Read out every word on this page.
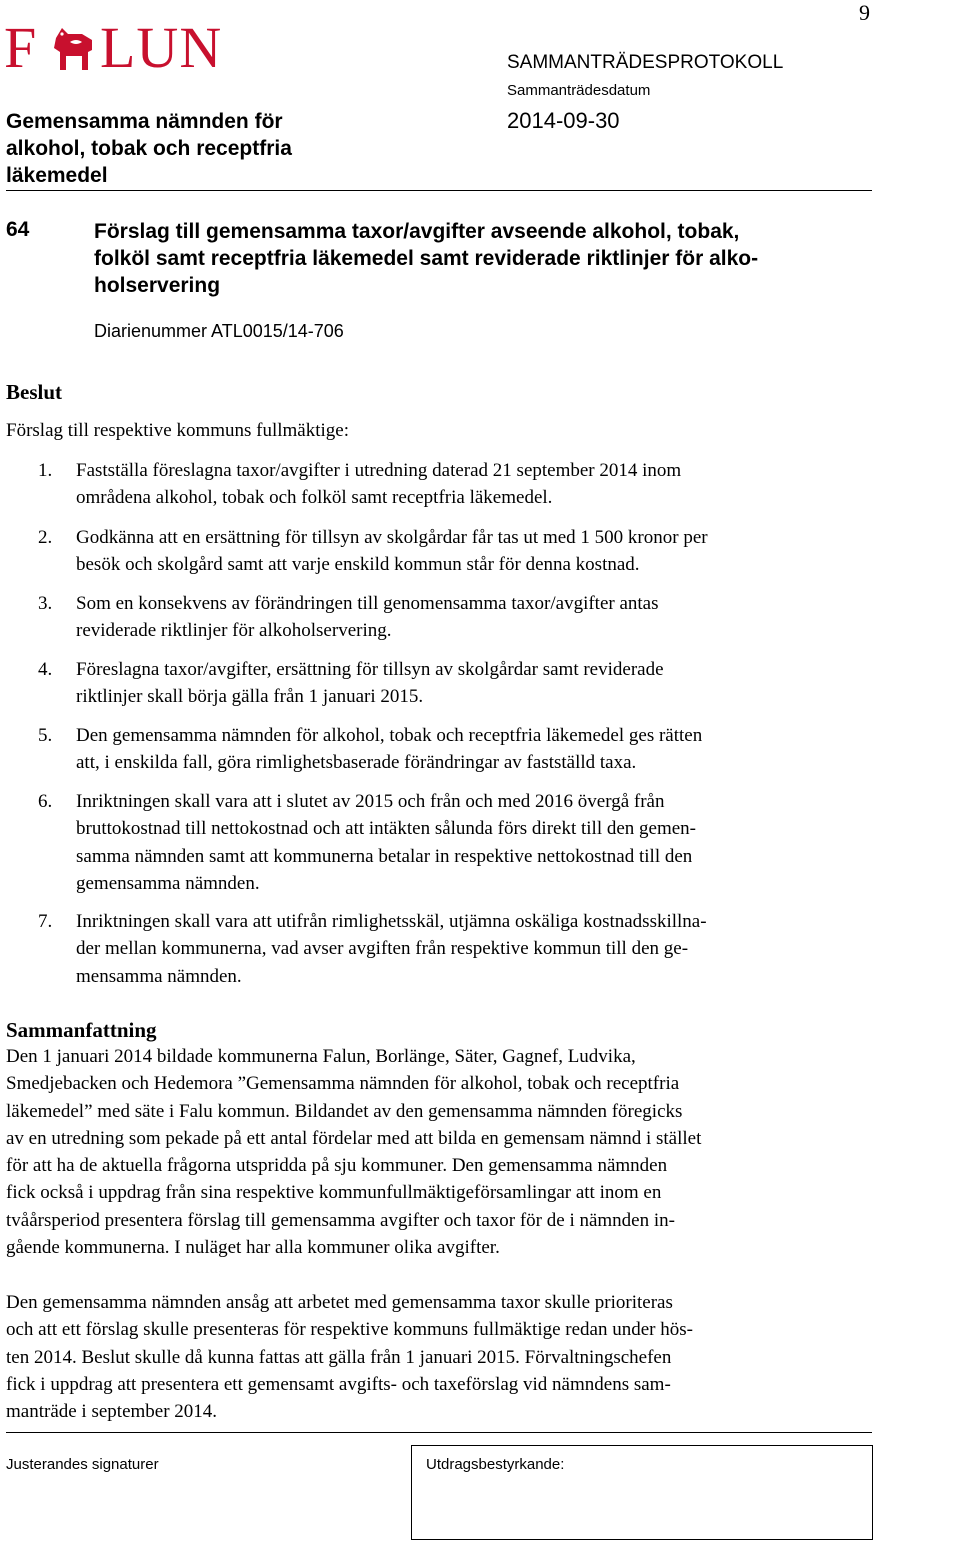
9
F LUN	SAMMANTRÄDESPROTOKOLL
Sammanträdesdatum
2014-09-30
Gemensamma nämnden för
alkohol, tobak och receptfria
läkemedel
64	Förslag till gemensamma taxor/avgifter avseende alkohol, tobak,
folköl samt receptfria läkemedel samt reviderade riktlinjer för alko-
holservering
Diarienummer ATL0015/14-706
Beslut
Förslag till respektive kommuns fullmäktige:
1.	Fastställa föreslagna taxor/avgifter i utredning daterad 21 september 2014 inom
områdena alkohol, tobak och folköl samt receptfria läkemedel.
2.	Godkänna att en ersättning för tillsyn av skolgårdar får tas ut med 1 500 kronor per
besök och skolgård samt att varje enskild kommun står för denna kostnad.
3.	Som en konsekvens av förändringen till genomensamma taxor/avgifter antas
reviderade riktlinjer för alkoholservering.
4.	Föreslagna taxor/avgifter, ersättning för tillsyn av skolgårdar samt reviderade
riktlinjer skall börja gälla från 1 januari 2015.
5.	Den gemensamma nämnden för alkohol, tobak och receptfria läkemedel ges rätten
att, i enskilda fall, göra rimlighetsbaserade förändringar av fastställd taxa.
6.	Inriktningen skall vara att i slutet av 2015 och från och med 2016 övergå från
bruttokostnad till nettokostnad och att intäkten sålunda förs direkt till den gemen-
samma nämnden samt att kommunerna betalar in respektive nettokostnad till den
gemensamma nämnden.
7.	Inriktningen skall vara att utifrån rimlighetsskäl, utjämna oskäliga kostnadsskillna-
der mellan kommunerna, vad avser avgiften från respektive kommun till den ge-
mensamma nämnden.
Sammanfattning
Den 1 januari 2014 bildade kommunerna Falun, Borlänge, Säter, Gagnef, Ludvika,
Smedjebacken och Hedemora ”Gemensamma nämnden för alkohol, tobak och receptfria
läkemedel” med säte i Falu kommun. Bildandet av den gemensamma nämnden föregicks
av en utredning som pekade på ett antal fördelar med att bilda en gemensam nämnd i stället
för att ha de aktuella frågorna utspridda på sju kommuner. Den gemensamma nämnden
fick också i uppdrag från sina respektive kommunfullmäktigeförsamlingar att inom en
tvåårsperiod presentera förslag till gemensamma avgifter och taxor för de i nämnden in-
gående kommunerna. I nuläget har alla kommuner olika avgifter.
Den gemensamma nämnden ansåg att arbetet med gemensamma taxor skulle prioriteras
och att ett förslag skulle presenteras för respektive kommuns fullmäktige redan under hös-
ten 2014. Beslut skulle då kunna fattas att gälla från 1 januari 2015. Förvaltningschefen
fick i uppdrag att presentera ett gemensamt avgifts- och taxeförslag vid nämndens sam-
manträde i september 2014.
Justerandes signaturer	Utdragsbestyrkande:
